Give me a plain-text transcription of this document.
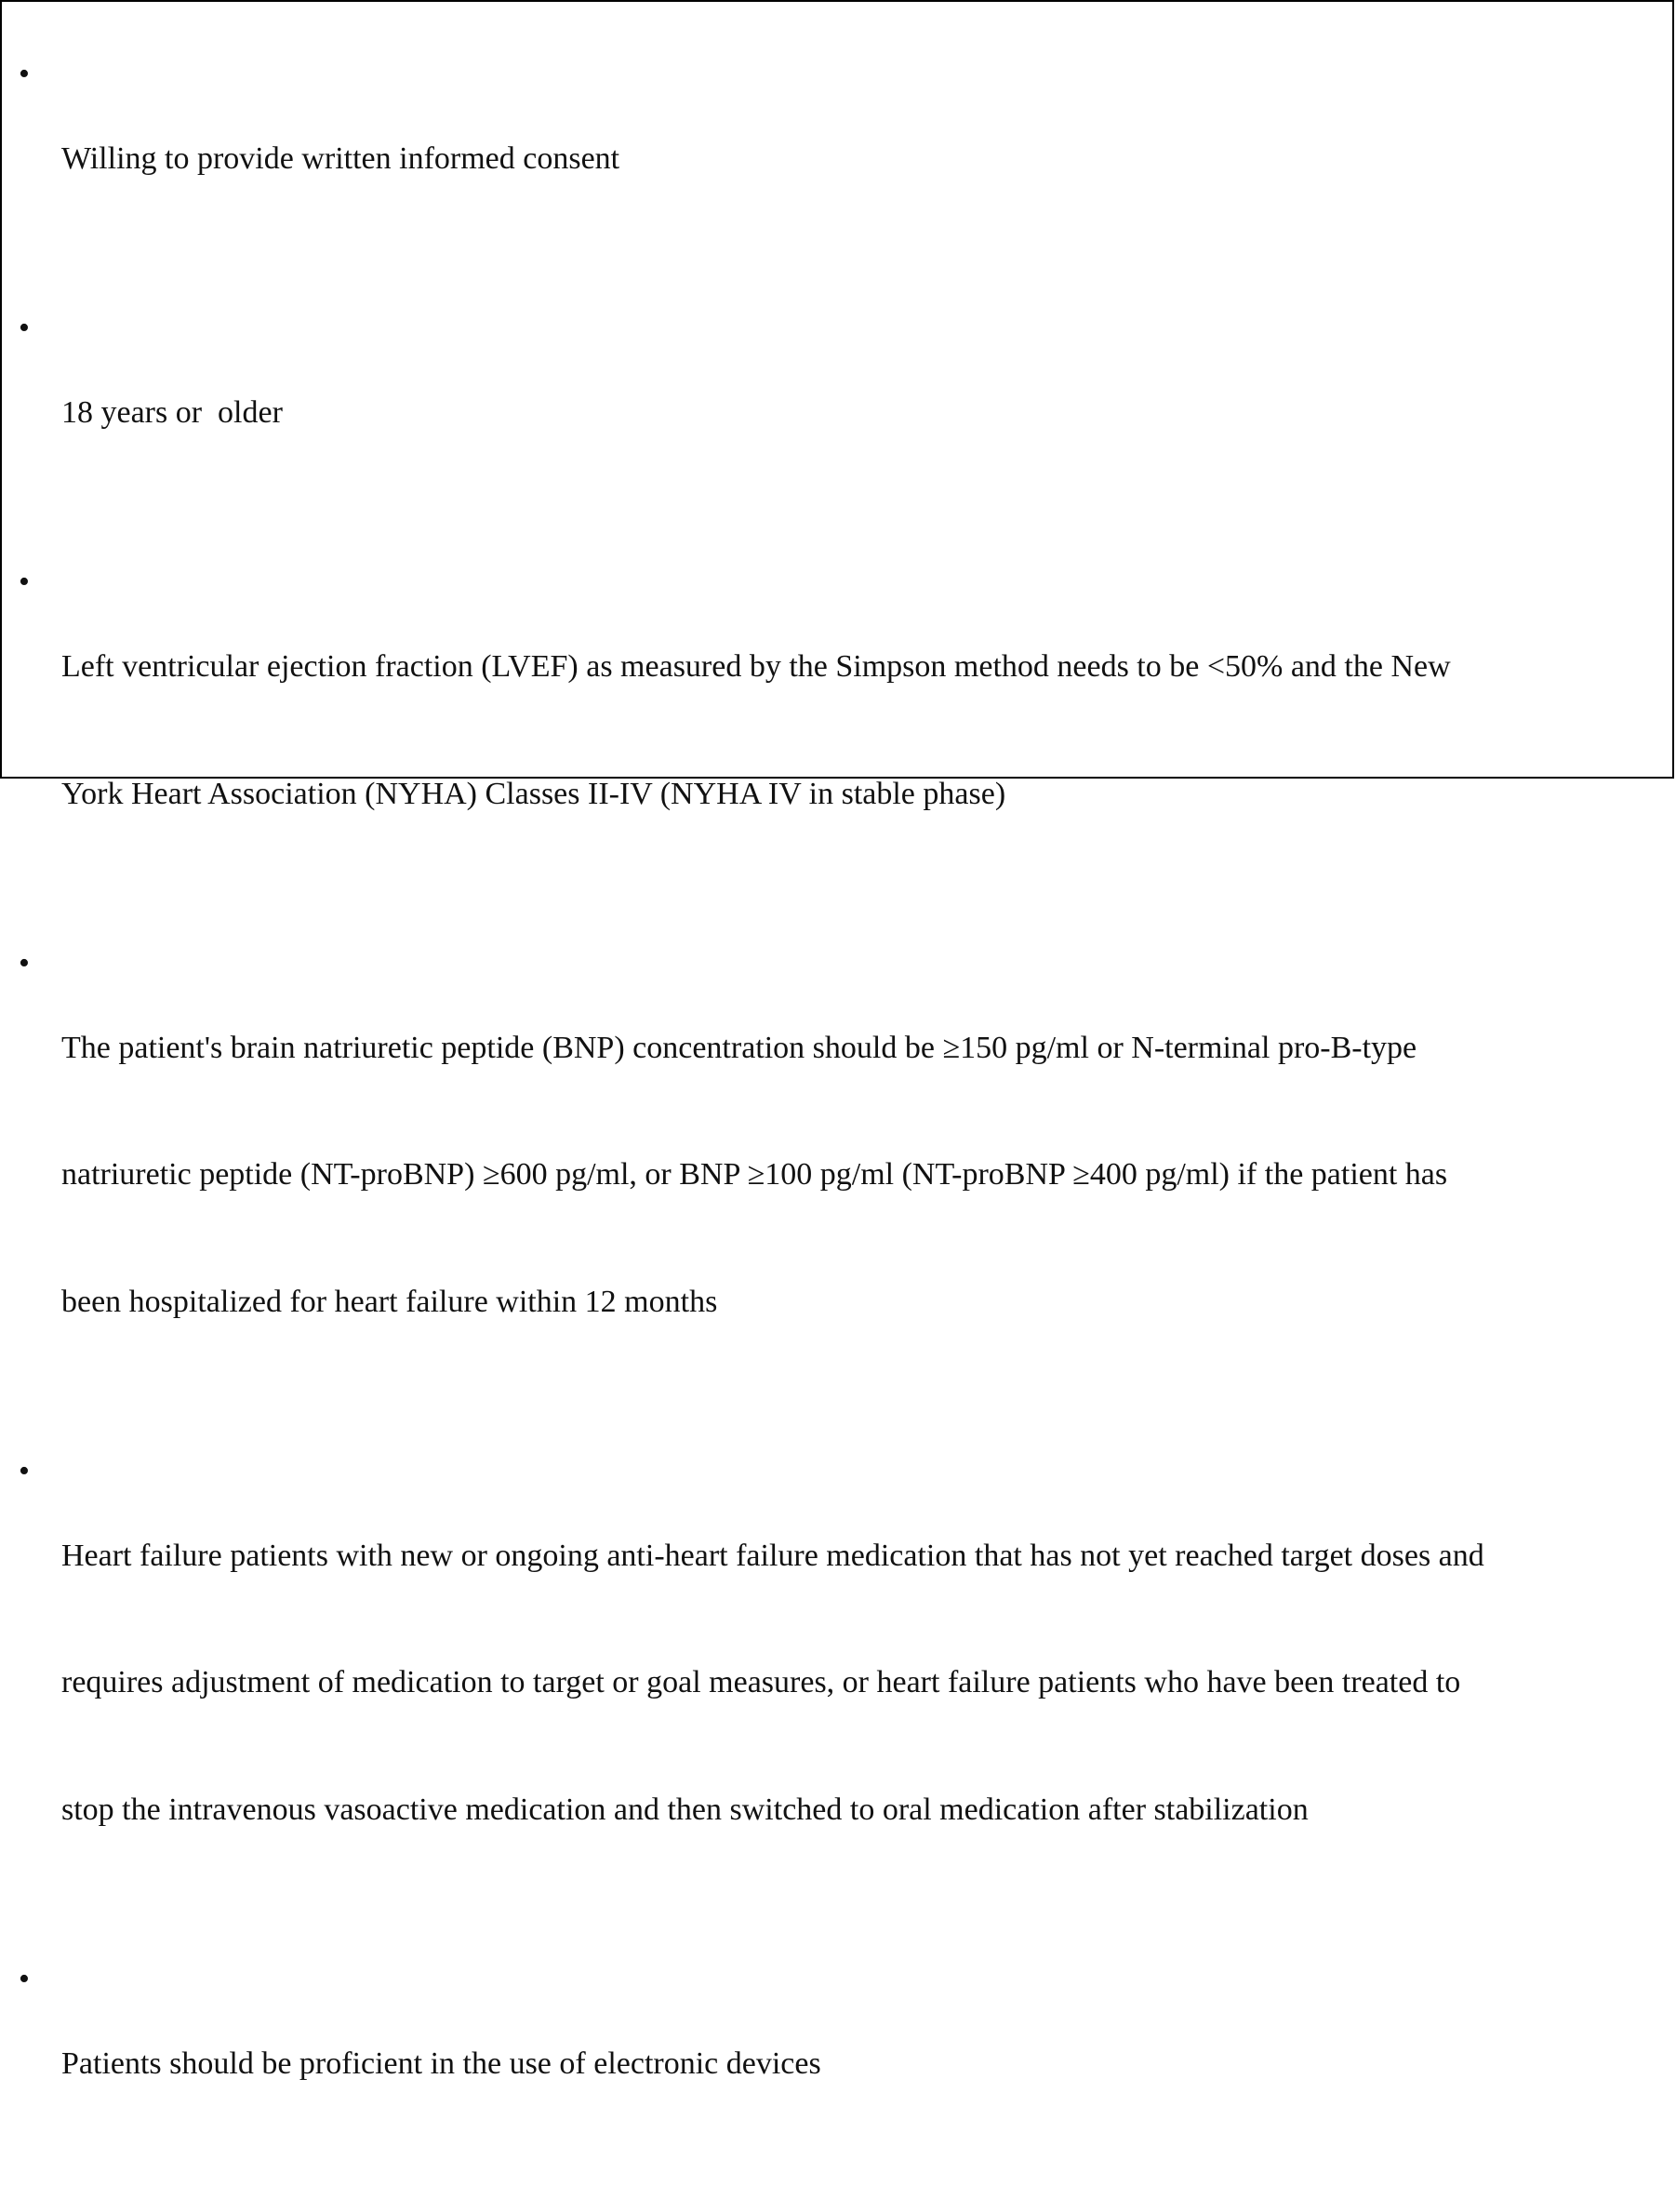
•

Willing to provide written informed consent

•

18 years or  older

•

Left ventricular ejection fraction (LVEF) as measured by the Simpson method needs to be <50% and the New

York Heart Association (NYHA) Classes II-IV (NYHA IV in stable phase)

•

The patient's brain natriuretic peptide (BNP) concentration should be ≥150 pg/ml or N-terminal pro-B-type

natriuretic peptide (NT-proBNP) ≥600 pg/ml, or BNP ≥100 pg/ml (NT-proBNP ≥400 pg/ml) if the patient has

been hospitalized for heart failure within 12 months

•

Heart failure patients with new or ongoing anti-heart failure medication that has not yet reached target doses and

requires adjustment of medication to target or goal measures, or heart failure patients who have been treated to

stop the intravenous vasoactive medication and then switched to oral medication after stabilization

•

Patients should be proficient in the use of electronic devices
